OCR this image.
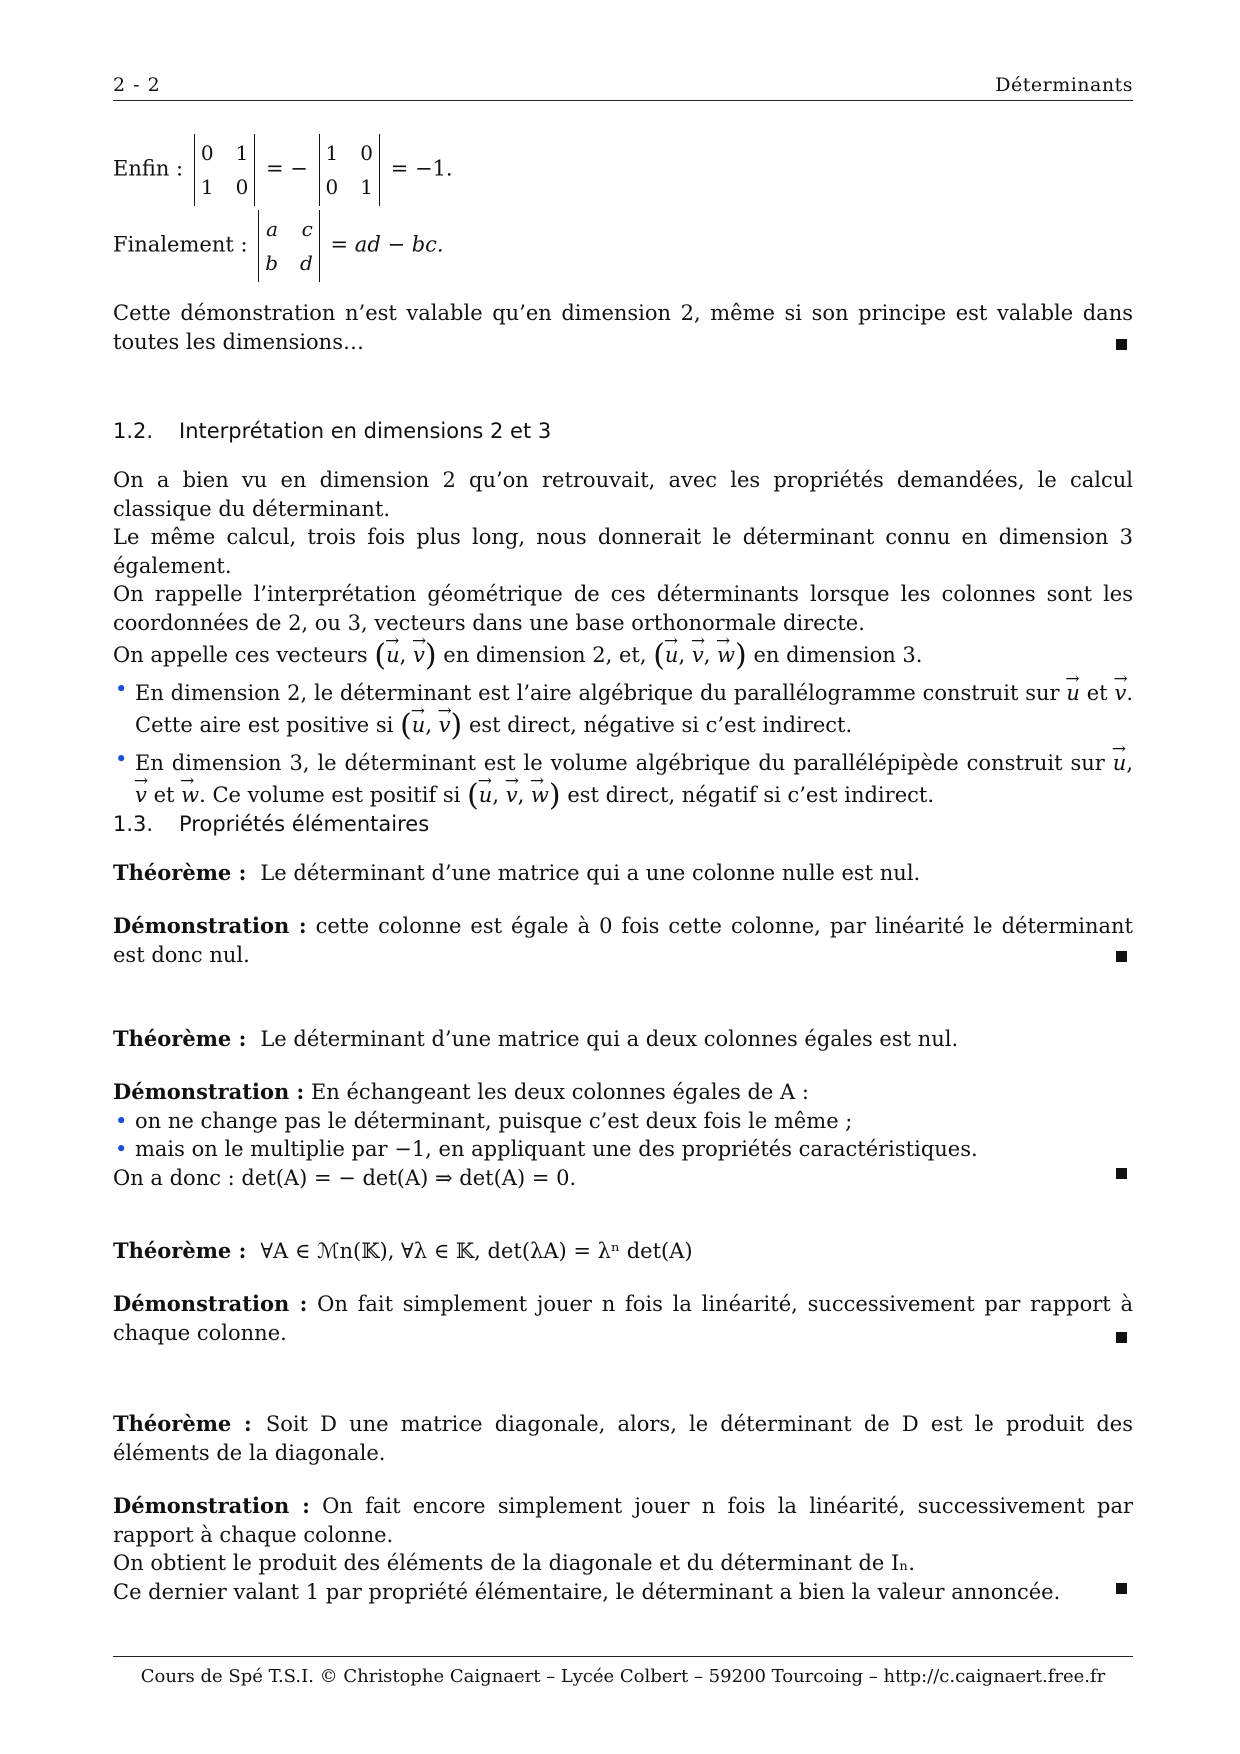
2 - 2	Déterminants
Enfin :
0	1
1	0
= −
1	0
0	1
= −1.
Finalement :
a	c
b	d
= ad − bc.
Cette démonstration n’est valable qu’en dimension 2, même si son principe est valable dans toutes les dimensions…
1.2. Interprétation en dimensions 2 et 3
On a bien vu en dimension 2 qu’on retrouvait, avec les propriétés demandées, le calcul classique du déterminant.
Le même calcul, trois fois plus long, nous donnerait le déterminant connu en dimension 3 également.
On rappelle l’interprétation géométrique de ces déterminants lorsque les colonnes sont les coordonnées de 2, ou 3, vecteurs dans une base orthonormale directe.
On appelle ces vecteurs (→ u, → v) en dimension 2, et, (→ u, → v, → w) en dimension 3.
• En dimension 2, le déterminant est l’aire algébrique du parallélogramme construit sur → u et → v. Cette aire est positive si (→ u, → v) est direct, négative si c’est indirect.
• En dimension 3, le déterminant est le volume algébrique du parallélépipède construit sur → u, → v et → w. Ce volume est positif si (→ u, → v, → w) est direct, négatif si c’est indirect.
1.3. Propriétés élémentaires
Théorème : Le déterminant d’une matrice qui a une colonne nulle est nul.
Démonstration : cette colonne est égale à 0 fois cette colonne, par linéarité le déterminant est donc nul.
Théorème : Le déterminant d’une matrice qui a deux colonnes égales est nul.
Démonstration : En échangeant les deux colonnes égales de A :
• on ne change pas le déterminant, puisque c’est deux fois le même ;
• mais on le multiplie par −1, en appliquant une des propriétés caractéristiques.
On a donc : det(A) = − det(A) ⇒ det(A) = 0.
Théorème : ∀A ∈ ℳn(𝕂), ∀λ ∈ 𝕂, det(λA) = λⁿ det(A)
Démonstration : On fait simplement jouer n fois la linéarité, successivement par rapport à chaque colonne.
Théorème : Soit D une matrice diagonale, alors, le déterminant de D est le produit des éléments de la diagonale.
Démonstration : On fait encore simplement jouer n fois la linéarité, successivement par rapport à chaque colonne.
On obtient le produit des éléments de la diagonale et du déterminant de Iₙ.
Ce dernier valant 1 par propriété élémentaire, le déterminant a bien la valeur annoncée.
Cours de Spé T.S.I. © Christophe Caignaert – Lycée Colbert – 59200 Tourcoing – http://c.caignaert.free.fr
